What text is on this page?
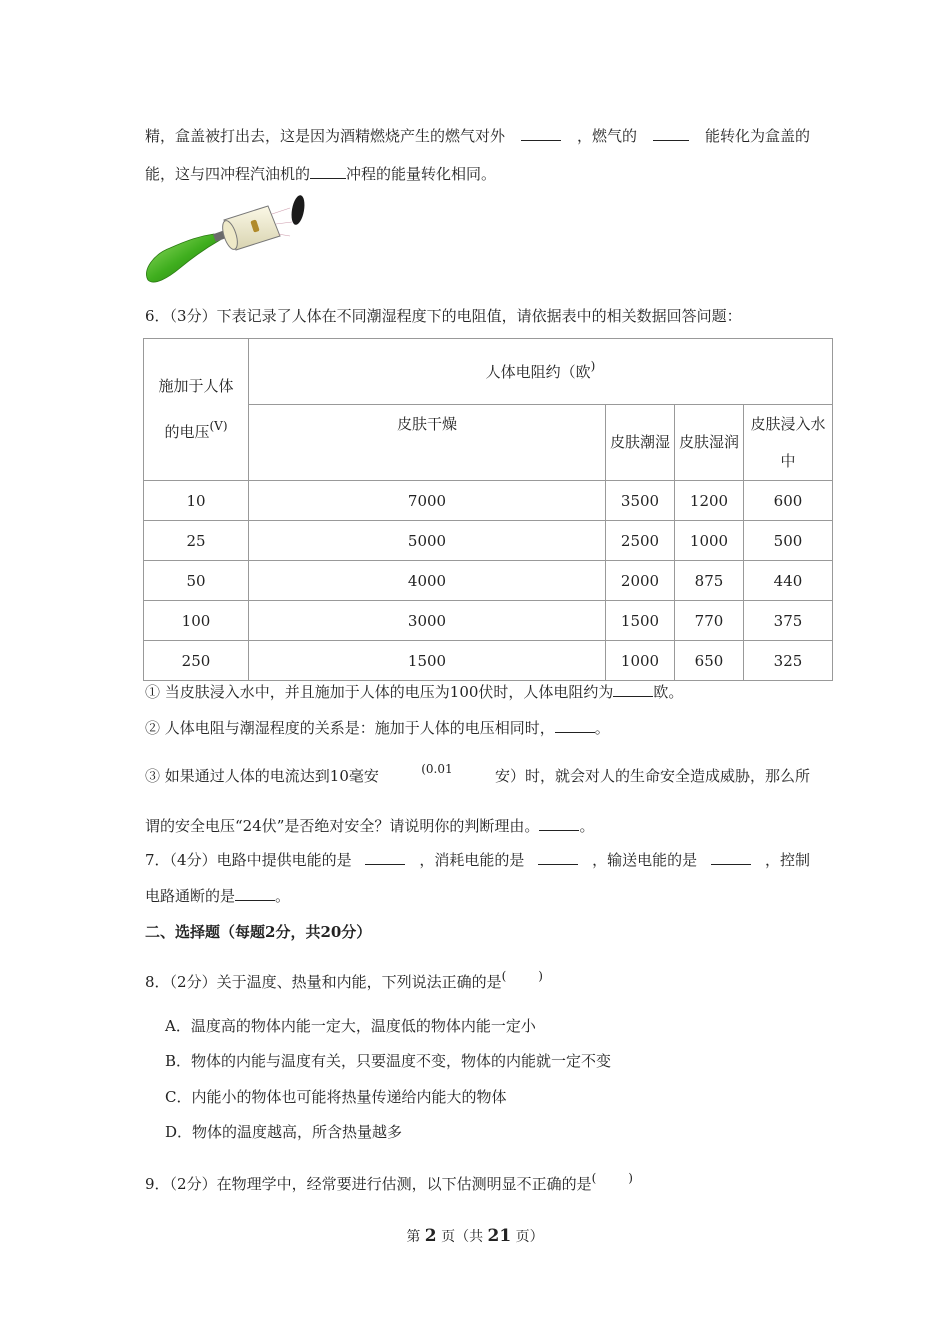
精，盒盖被打出去，这是因为酒精燃烧产生的燃气对外	，燃气的	能转化为盒盖的
能，这与四冲程汽油机的 冲程的能量转化相同。
6．（3分）下表记录了人体在不同潮湿程度下的电阻值，请依据表中的相关数据回答问题：
施加于人体
的电压$^{(V)}$	人体电阻约（欧)
	皮肤干燥	皮肤潮湿	皮肤湿润	皮肤浸入水中
10	7000	3500	1200	600
25	5000	2500	1000	500
50	4000	2000	875	440
100	3000	1500	770	375
250	1500	1000	650	325
① 当皮肤浸入水中，并且施加于人体的电压为100伏时，人体电阻约为	欧。
② 人体电阻与潮湿程度的关系是：施加于人体的电压相同时，	。
③ 如果通过人体的电流达到10毫安	(0.01	安）时，就会对人的生命安全造成威胁，那么所
谓的安全电压“24伏”是否绝对安全？请说明你的判断理由。	。
7．（4分）电路中提供电能的是	，消耗电能的是	，输送电能的是	，控制
电路通断的是	。
二、选择题（每题2分，共20分）
8．（2分）关于温度、热量和内能，下列说法正确的是(	)
A．温度高的物体内能一定大，温度低的物体内能一定小
B．物体的内能与温度有关，只要温度不变，物体的内能就一定不变
C．内能小的物体也可能将热量传递给内能大的物体
D．物体的温度越高，所含热量越多
9．（2分）在物理学中，经常要进行估测，以下估测明显不正确的是(	)
第 2 页（共 21 页）
